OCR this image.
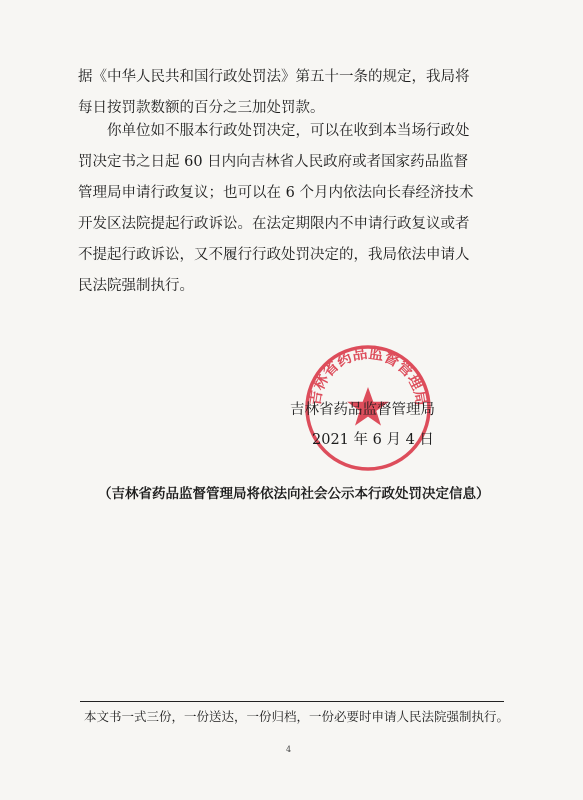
据《中华人民共和国行政处罚法》第五十一条的规定，我局将
每日按罚款数额的百分之三加处罚款。
你单位如不服本行政处罚决定，可以在收到本当场行政处
罚决定书之日起 60 日内向吉林省人民政府或者国家药品监督
管理局申请行政复议；也可以在 6 个月内依法向长春经济技术
开发区法院提起行政诉讼。在法定期限内不申请行政复议或者
不提起行政诉讼，又不履行行政处罚决定的，我局依法申请人
民法院强制执行。
吉林省药品监督管理局
吉林省药品监督管理局
2021 年 6 月 4 日
（吉林省药品监督管理局将依法向社会公示本行政处罚决定信息）
本文书一式三份，一份送达，一份归档，一份必要时申请人民法院强制执行。
4
